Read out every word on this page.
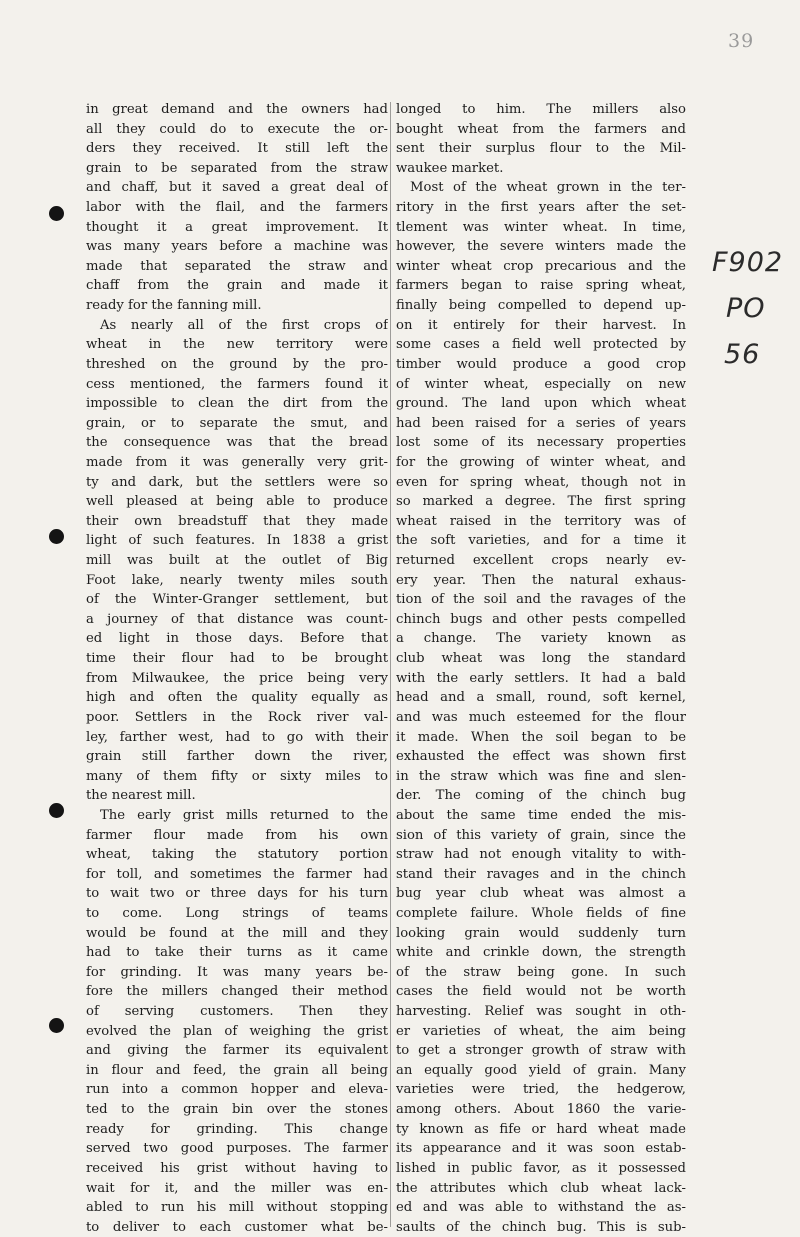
39
in great demand and the owners had
all they could do to execute the or-
ders they received. It still left the
grain to be separated from the straw
and chaff, but it saved a great deal of
labor with the flail, and the farmers
thought it a great improvement. It
was many years before a machine was
made that separated the straw and
chaff from the grain and made it
ready for the fanning mill.
As nearly all of the first crops of
wheat in the new territory were
threshed on the ground by the pro-
cess mentioned, the farmers found it
impossible to clean the dirt from the
grain, or to separate the smut, and
the consequence was that the bread
made from it was generally very grit-
ty and dark, but the settlers were so
well pleased at being able to produce
their own breadstuff that they made
light of such features. In 1838 a grist
mill was built at the outlet of Big
Foot lake, nearly twenty miles south
of the Winter-Granger settlement, but
a journey of that distance was count-
ed light in those days. Before that
time their flour had to be brought
from Milwaukee, the price being very
high and often the quality equally as
poor. Settlers in the Rock river val-
ley, farther west, had to go with their
grain still farther down the river,
many of them fifty or sixty miles to
the nearest mill.
The early grist mills returned to the
farmer flour made from his own
wheat, taking the statutory portion
for toll, and sometimes the farmer had
to wait two or three days for his turn
to come. Long strings of teams
would be found at the mill and they
had to take their turns as it came
for grinding. It was many years be-
fore the millers changed their method
of serving customers. Then they
evolved the plan of weighing the grist
and giving the farmer its equivalent
in flour and feed, the grain all being
run into a common hopper and eleva-
ted to the grain bin over the stones
ready for grinding. This change
served two good purposes. The farmer
received his grist without having to
wait for it, and the miller was en-
abled to run his mill without stopping
to deliver to each customer what be-
longed to him. The millers also
bought wheat from the farmers and
sent their surplus flour to the Mil-
waukee market.
Most of the wheat grown in the ter-
ritory in the first years after the set-
tlement was winter wheat. In time,
however, the severe winters made the
winter wheat crop precarious and the
farmers began to raise spring wheat,
finally being compelled to depend up-
on it entirely for their harvest. In
some cases a field well protected by
timber would produce a good crop
of winter wheat, especially on new
ground. The land upon which wheat
had been raised for a series of years
lost some of its necessary properties
for the growing of winter wheat, and
even for spring wheat, though not in
so marked a degree. The first spring
wheat raised in the territory was of
the soft varieties, and for a time it
returned excellent crops nearly ev-
ery year. Then the natural exhaus-
tion of the soil and the ravages of the
chinch bugs and other pests compelled
a change. The variety known as
club wheat was long the standard
with the early settlers. It had a bald
head and a small, round, soft kernel,
and was much esteemed for the flour
it made. When the soil began to be
exhausted the effect was shown first
in the straw which was fine and slen-
der. The coming of the chinch bug
about the same time ended the mis-
sion of this variety of grain, since the
straw had not enough vitality to with-
stand their ravages and in the chinch
bug year club wheat was almost a
complete failure. Whole fields of fine
looking grain would suddenly turn
white and crinkle down, the strength
of the straw being gone. In such
cases the field would not be worth
harvesting. Relief was sought in oth-
er varieties of wheat, the aim being
to get a stronger growth of straw with
an equally good yield of grain. Many
varieties were tried, the hedgerow,
among others. About 1860 the varie-
ty known as fife or hard wheat made
its appearance and it was soon estab-
lished in public favor, as it possessed
the attributes which club wheat lack-
ed and was able to withstand the as-
saults of the chinch bug. This is sub-
F902
PO
56
